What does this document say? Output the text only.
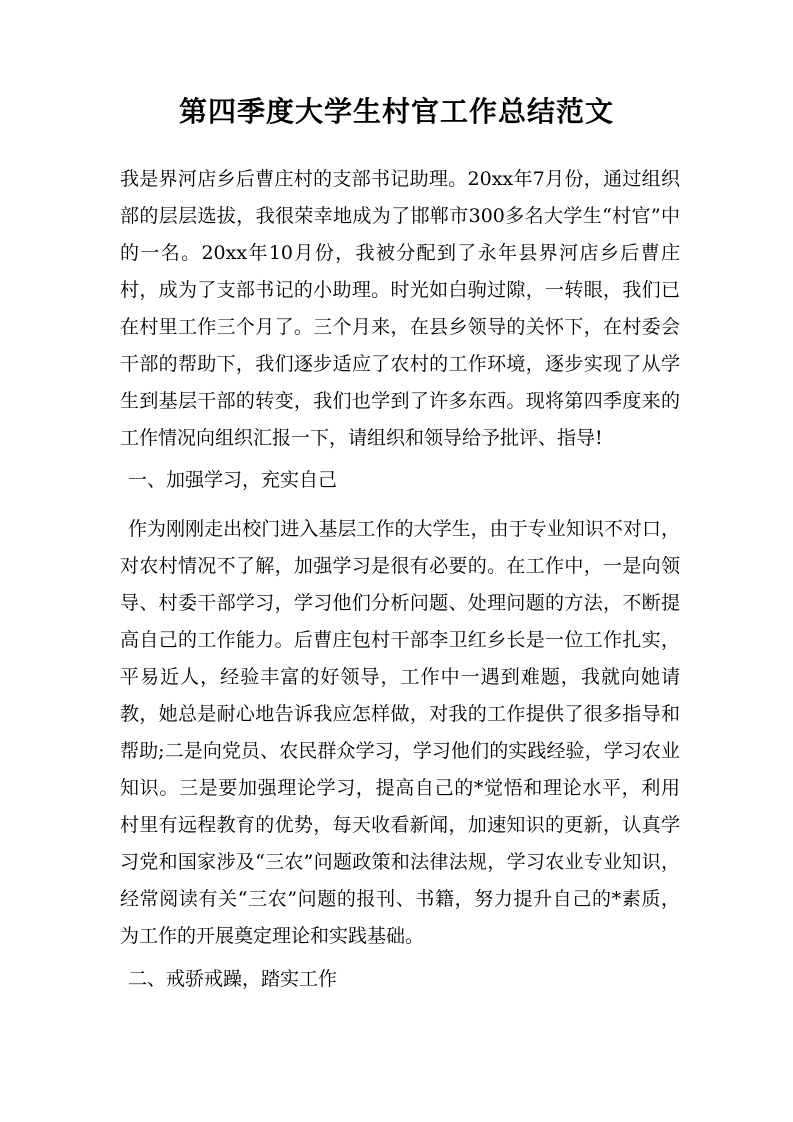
第四季度大学生村官工作总结范文

我是界河店乡后曹庄村的支部书记助理。20xx年7月份，通过组织部的层层选拔，我很荣幸地成为了邯郸市300多名大学生“村官”中的一名。20xx年10月份，我被分配到了永年县界河店乡后曹庄村，成为了支部书记的小助理。时光如白驹过隙，一转眼，我们已在村里工作三个月了。三个月来，在县乡领导的关怀下，在村委会干部的帮助下，我们逐步适应了农村的工作环境，逐步实现了从学生到基层干部的转变，我们也学到了许多东西。现将第四季度来的工作情况向组织汇报一下，请组织和领导给予批评、指导!

一、加强学习，充实自己

作为刚刚走出校门进入基层工作的大学生，由于专业知识不对口，对农村情况不了解，加强学习是很有必要的。在工作中，一是向领导、村委干部学习，学习他们分析问题、处理问题的方法，不断提高自己的工作能力。后曹庄包村干部李卫红乡长是一位工作扎实，平易近人，经验丰富的好领导，工作中一遇到难题，我就向她请教，她总是耐心地告诉我应怎样做，对我的工作提供了很多指导和帮助;二是向党员、农民群众学习，学习他们的实践经验，学习农业知识。三是要加强理论学习，提高自己的*觉悟和理论水平，利用村里有远程教育的优势，每天收看新闻，加速知识的更新，认真学习党和国家涉及“三农”问题政策和法律法规，学习农业专业知识，经常阅读有关“三农”问题的报刊、书籍，努力提升自己的*素质，为工作的开展奠定理论和实践基础。

二、戒骄戒躁，踏实工作
